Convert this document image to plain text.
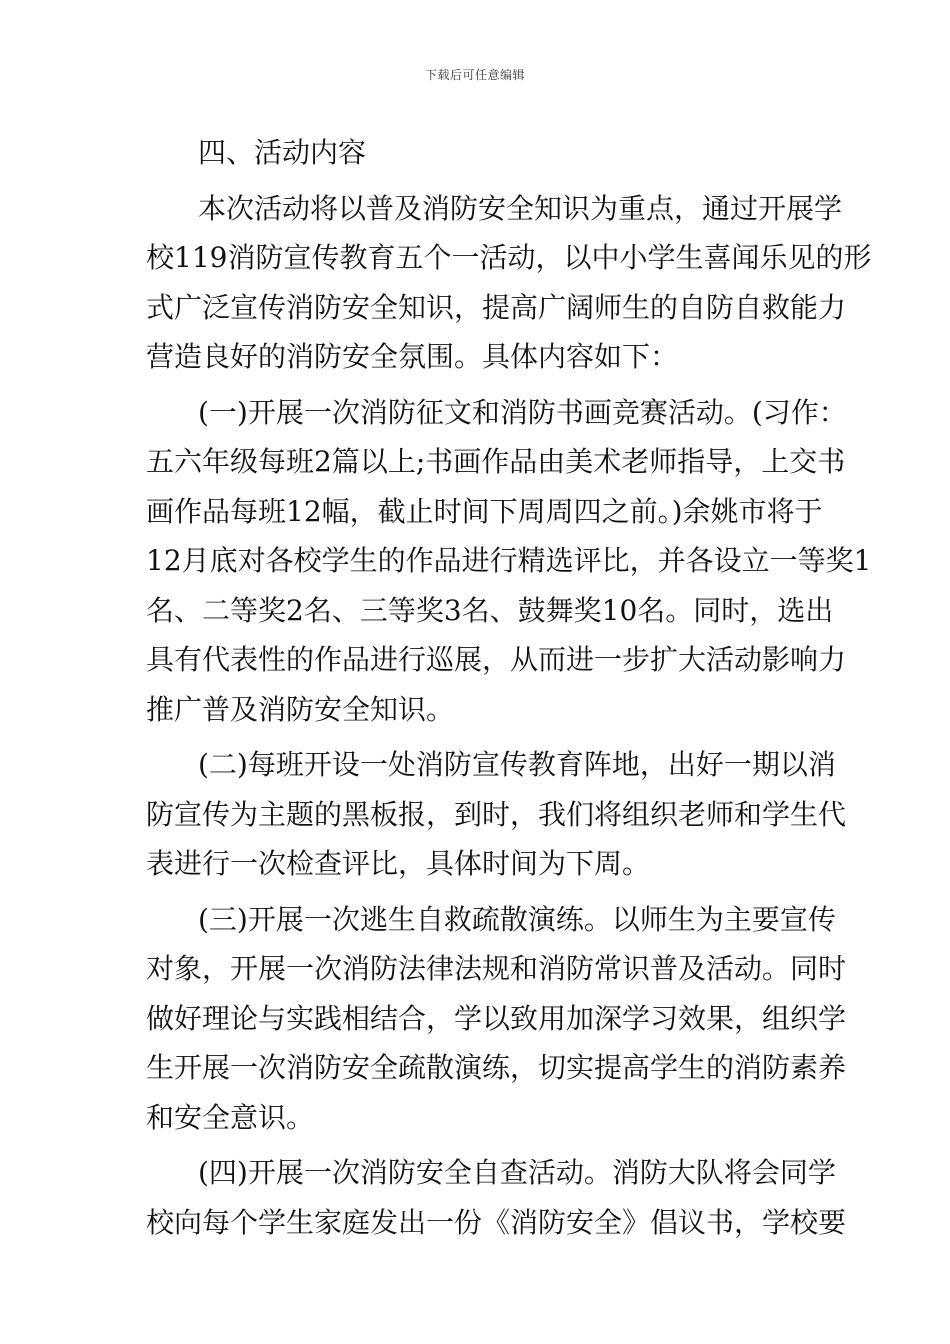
下载后可任意编辑
四、活动内容
本次活动将以普及消防安全知识为重点，通过开展学
校119消防宣传教育五个一活动，以中小学生喜闻乐见的形
式广泛宣传消防安全知识，提高广阔师生的自防自救能力
营造良好的消防安全氛围。具体内容如下：
(一)开展一次消防征文和消防书画竞赛活动。(习作：
五六年级每班2篇以上;书画作品由美术老师指导，上交书
画作品每班12幅，截止时间下周周四之前。)余姚市将于
12月底对各校学生的作品进行精选评比，并各设立一等奖1
名、二等奖2名、三等奖3名、鼓舞奖10名。同时，选出
具有代表性的作品进行巡展，从而进一步扩大活动影响力
推广普及消防安全知识。
(二)每班开设一处消防宣传教育阵地，出好一期以消
防宣传为主题的黑板报，到时，我们将组织老师和学生代
表进行一次检查评比，具体时间为下周。
(三)开展一次逃生自救疏散演练。以师生为主要宣传
对象，开展一次消防法律法规和消防常识普及活动。同时
做好理论与实践相结合，学以致用加深学习效果，组织学
生开展一次消防安全疏散演练，切实提高学生的消防素养
和安全意识。
(四)开展一次消防安全自查活动。消防大队将会同学
校向每个学生家庭发出一份《消防安全》倡议书，学校要
